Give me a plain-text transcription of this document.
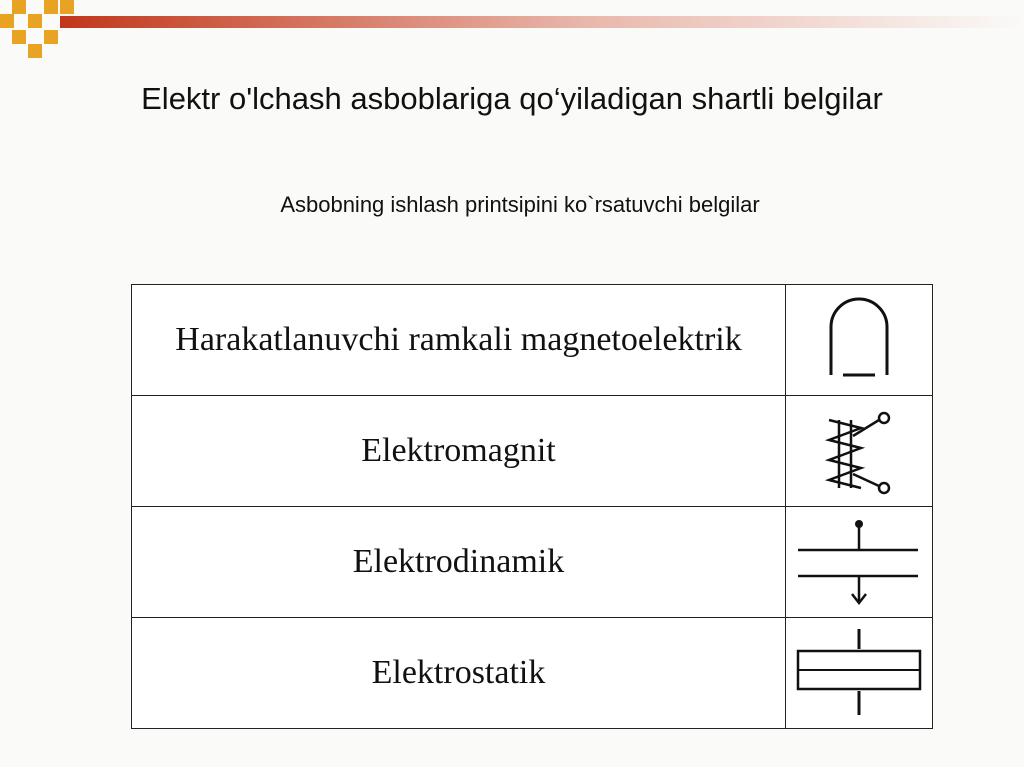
Elektr o'lchash asboblariga qo‘yiladigan shartli belgilar
Asbobning ishlash printsipini ko`rsatuvchi belgilar
Harakatlanuvchi ramkali magnetoelektrik	

Elektromagnit	

Elektrodinamik	

Elektrostatik	
